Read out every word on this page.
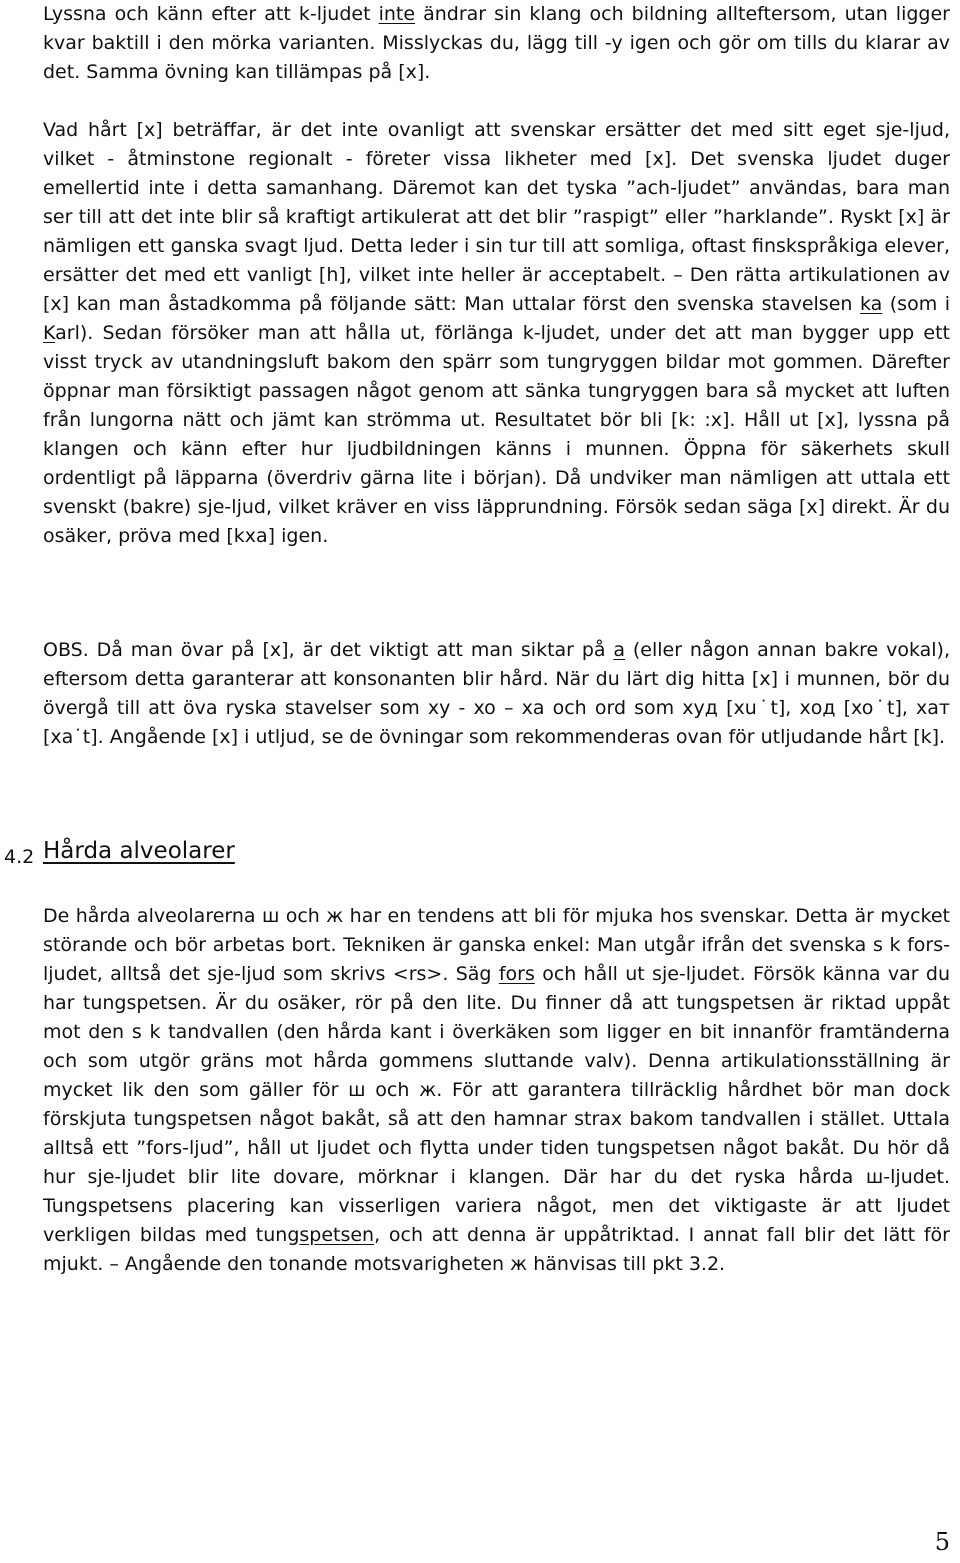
Lyssna och känn efter att k-ljudet inte ändrar sin klang och bildning allteftersom, utan ligger kvar baktill i den mörka varianten. Misslyckas du, lägg till -y igen och gör om tills du klarar av det. Samma övning kan tillämpas på [x].

Vad hårt [x] beträffar, är det inte ovanligt att svenskar ersätter det med sitt eget sje-ljud, vilket - åtminstone regionalt - företer vissa likheter med [x]. Det svenska ljudet duger emellertid inte i detta samanhang. Däremot kan det tyska ”ach-ljudet” användas, bara man ser till att det inte blir så kraftigt artikulerat att det blir ”raspigt” eller ”harklande”. Ryskt [x] är nämligen ett ganska svagt ljud. Detta leder i sin tur till att somliga, oftast finskspråkiga elever, ersätter det med ett vanligt [h], vilket inte heller är acceptabelt. – Den rätta artikulationen av [x] kan man åstadkomma på följande sätt: Man uttalar först den svenska stavelsen ka (som i Karl). Sedan försöker man att hålla ut, förlänga k-ljudet, under det att man bygger upp ett visst tryck av utandningsluft bakom den spärr som tungryggen bildar mot gommen. Därefter öppnar man försiktigt passagen något genom att sänka tungryggen bara så mycket att luften från lungorna nätt och jämt kan strömma ut. Resultatet bör bli [k: :x]. Håll ut [x], lyssna på klangen och känn efter hur ljudbildningen känns i munnen. Öppna för säkerhets skull ordentligt på läpparna (överdriv gärna lite i början). Då undviker man nämligen att uttala ett svenskt (bakre) sje-ljud, vilket kräver en viss läpprundning. Försök sedan säga [x] direkt. Är du osäker, pröva med [kxa] igen.

OBS. Då man övar på [x], är det viktigt att man siktar på a (eller någon annan bakre vokal), eftersom detta garanterar att konsonanten blir hård. När du lärt dig hitta [x] i munnen, bör du övergå till att öva ryska stavelser som xy - xo – xa och ord som худ [xu˙t], ход [xo˙t], хат [xa˙t]. Angående [x] i utljud, se de övningar som rekommenderas ovan för utljudande hårt [k].

4.2 Hårda alveolarer

De hårda alveolarerna ш och ж har en tendens att bli för mjuka hos svenskar. Detta är mycket störande och bör arbetas bort. Tekniken är ganska enkel: Man utgår ifrån det svenska s k fors-ljudet, alltså det sje-ljud som skrivs <rs>. Säg fors och håll ut sje-ljudet. Försök känna var du har tungspetsen. Är du osäker, rör på den lite. Du finner då att tungspetsen är riktad uppåt mot den s k tandvallen (den hårda kant i överkäken som ligger en bit innanför framtänderna och som utgör gräns mot hårda gommens sluttande valv). Denna artikulationsställning är mycket lik den som gäller för ш och ж. För att garantera tillräcklig hårdhet bör man dock förskjuta tungspetsen något bakåt, så att den hamnar strax bakom tandvallen i stället. Uttala alltså ett ”fors-ljud”, håll ut ljudet och flytta under tiden tungspetsen något bakåt. Du hör då hur sje-ljudet blir lite dovare, mörknar i klangen. Där har du det ryska hårda ш-ljudet. Tungspetsens placering kan visserligen variera något, men det viktigaste är att ljudet verkligen bildas med tungspetsen, och att denna är uppåtriktad. I annat fall blir det lätt för mjukt. – Angående den tonande motsvarigheten ж hänvisas till pkt 3.2.

5
